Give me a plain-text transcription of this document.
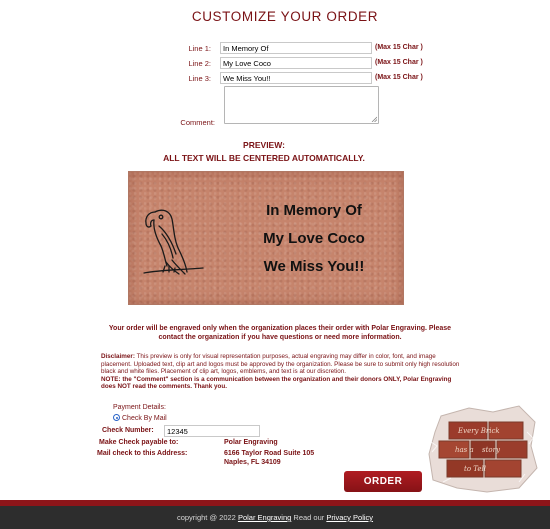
CUSTOMIZE YOUR ORDER
Line 1:
In Memory Of	(Max 15 Char )
Line 2:
My Love Coco	(Max 15 Char )
Line 3:
We Miss You!!	(Max 15 Char )
Comment:
PREVIEW:
ALL TEXT WILL BE CENTERED AUTOMATICALLY.
In Memory Of
My Love Coco
We Miss You!!
Your order will be engraved only when the organization places their order with Polar Engraving. Please contact the organization if you have questions or need more information.
Disclaimer: This preview is only for visual representation purposes, actual engraving may differ in color, font, and image placement. Uploaded text, clip art and logos must be approved by the organization. Please be sure to submit only high resolution black and white files. Placement of clip art, logos, emblems, and text is at our discretion.
NOTE: the "Comment" section is a communication between the organization and their donors ONLY, Polar Engraving does NOT read the comments. Thank you.
Payment Details:
Check By Mail
Check Number:
12345
Make Check payable to:	Polar Engraving
Mail check to this Address:	6166 Taylor Road Suite 105
Naples, FL 34109
ORDER
Every Brick
has a story
to Tell
copyright @ 2022 Polar Engraving Read our Privacy Policy
